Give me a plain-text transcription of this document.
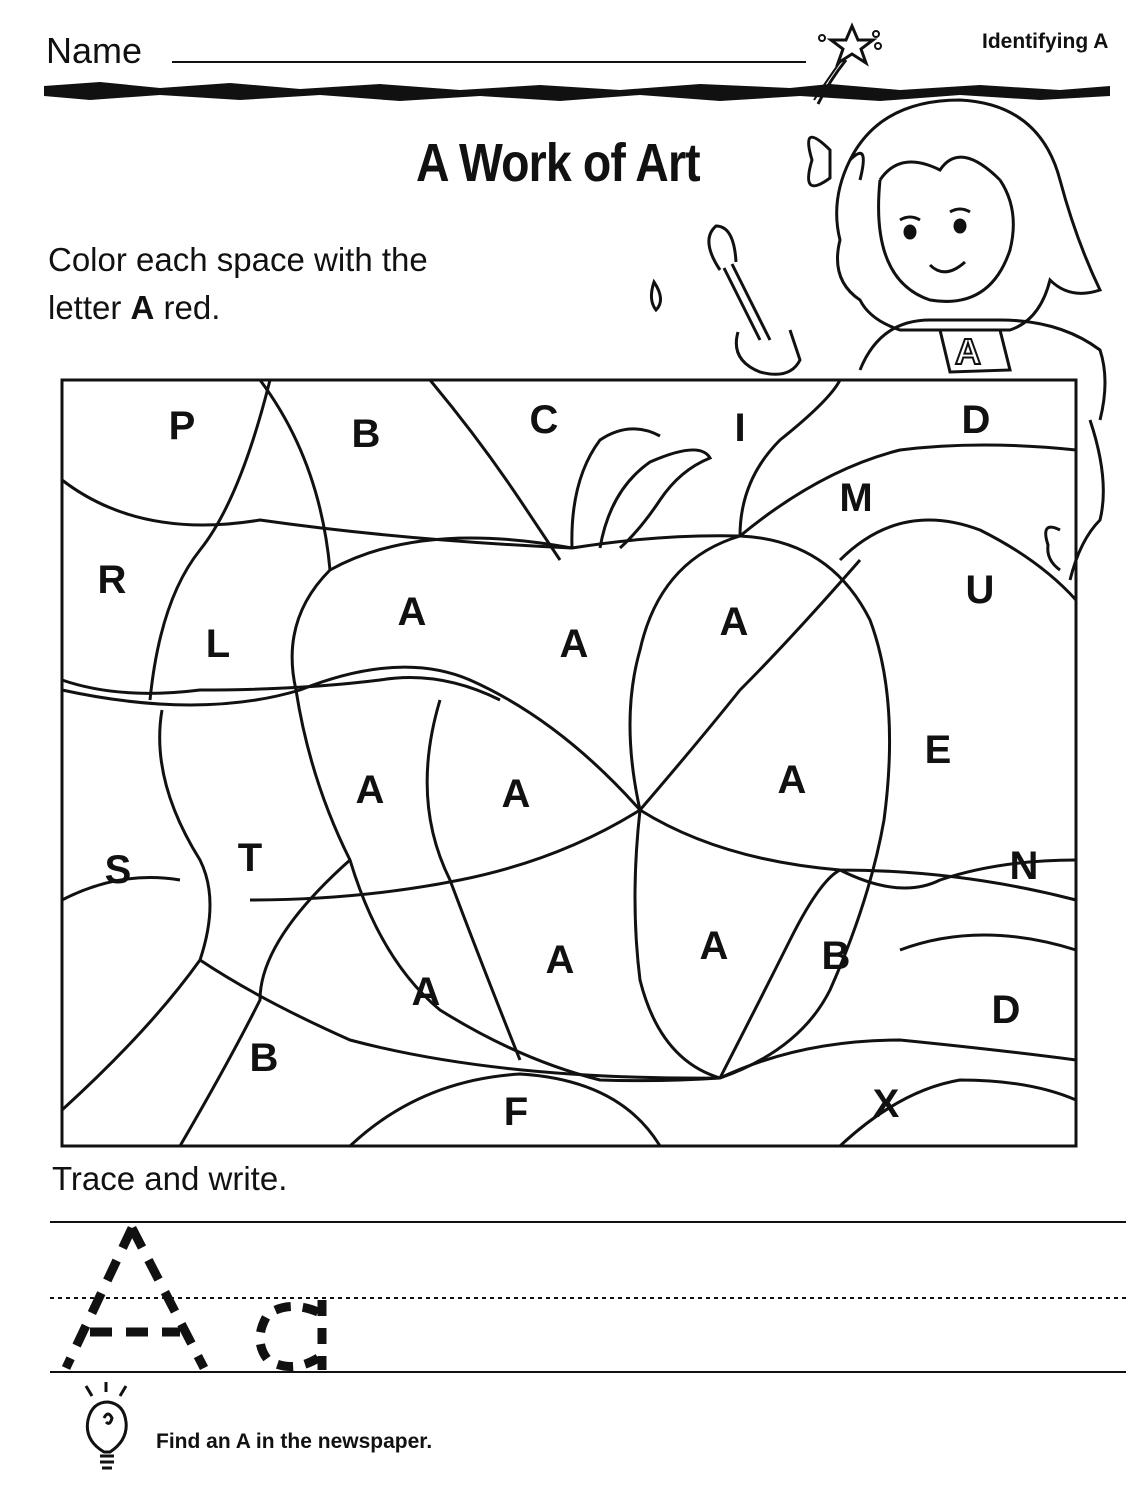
Name	Identifying A
A
A Work of Art
Color each space with the
letter A red.
P	B	C	I	D
M
R
L
A
A	A
U
A	A
E
A
S	T	N
A	A B
A	D
B
F	X
Trace and write.
Find an A in the newspaper.
